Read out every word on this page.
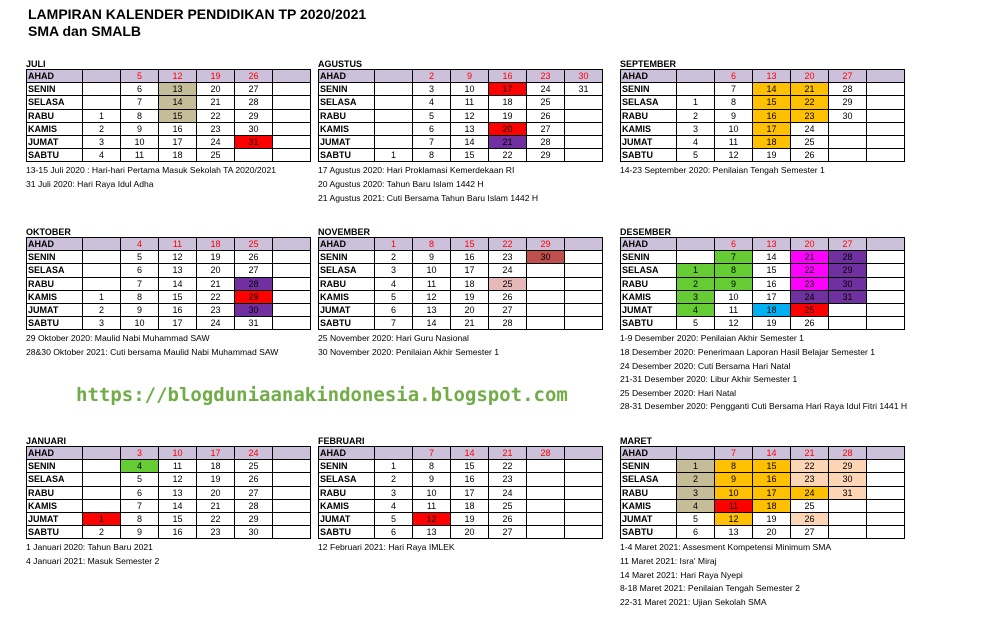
LAMPIRAN KALENDER PENDIDIKAN TP 2020/2021
SMA dan SMALB
JULI
AHAD		5	12	19	26	
SENIN		6	13	20	27	
SELASA		7	14	21	28	
RABU	1	8	15	22	29	
KAMIS	2	9	16	23	30	
JUMAT	3	10	17	24	31	
SABTU	4	11	18	25		
13-15 Juli 2020 : Hari-hari Pertama Masuk Sekolah TA 2020/2021
31 Juli 2020: Hari Raya Idul Adha
AGUSTUS
AHAD		2	9	16	23	30
SENIN		3	10	17	24	31
SELASA		4	11	18	25	
RABU		5	12	19	26	
KAMIS		6	13	20	27	
JUMAT		7	14	21	28	
SABTU	1	8	15	22	29	
17 Agustus 2020: Hari Proklamasi Kemerdekaan RI
20 Agustus 2020: Tahun Baru Islam 1442 H
21 Agustus 2021: Cuti Bersama Tahun Baru Islam 1442 H
SEPTEMBER
AHAD		6	13	20	27	
SENIN		7	14	21	28	
SELASA	1	8	15	22	29	
RABU	2	9	16	23	30	
KAMIS	3	10	17	24		
JUMAT	4	11	18	25		
SABTU	5	12	19	26		
14-23 September 2020: Penilaian Tengah Semester 1
OKTOBER
AHAD		4	11	18	25	
SENIN		5	12	19	26	
SELASA		6	13	20	27	
RABU		7	14	21	28	
KAMIS	1	8	15	22	29	
JUMAT	2	9	16	23	30	
SABTU	3	10	17	24	31	
29 Oktober 2020: Maulid Nabi Muhammad SAW
28&30 Oktober 2021: Cuti bersama Maulid Nabi Muhammad SAW
NOVEMBER
AHAD	1	8	15	22	29	
SENIN	2	9	16	23	30	
SELASA	3	10	17	24		
RABU	4	11	18	25		
KAMIS	5	12	19	26		
JUMAT	6	13	20	27		
SABTU	7	14	21	28		
25 November 2020: Hari Guru Nasional
30 November 2020: Penilaian Akhir Semester 1
DESEMBER
AHAD		6	13	20	27	
SENIN		7	14	21	28	
SELASA	1	8	15	22	29	
RABU	2	9	16	23	30	
KAMIS	3	10	17	24	31	
JUMAT	4	11	18	25		
SABTU	5	12	19	26		
1-9 Desember 2020: Penilaian Akhir Semester 1
18 Desember 2020: Penerimaan Laporan Hasil Belajar Semester 1
24 Desember 2020: Cuti Bersama Hari Natal
21-31 Desember 2020: Libur Akhir Semester 1
25 Desember 2020: Hari Natal
28-31 Desember 2020: Pengganti Cuti Bersama Hari Raya Idul Fitri 1441 H
JANUARI
AHAD		3	10	17	24	
SENIN		4	11	18	25	
SELASA		5	12	19	26	
RABU		6	13	20	27	
KAMIS		7	14	21	28	
JUMAT	1	8	15	22	29	
SABTU	2	9	16	23	30	
1 Januari 2020: Tahun Baru 2021
4 Januari 2021: Masuk Semester 2
FEBRUARI
AHAD		7	14	21	28	
SENIN	1	8	15	22		
SELASA	2	9	16	23		
RABU	3	10	17	24		
KAMIS	4	11	18	25		
JUMAT	5	12	19	26		
SABTU	6	13	20	27		
12 Februari 2021: Hari Raya IMLEK
MARET
AHAD		7	14	21	28	
SENIN	1	8	15	22	29	
SELASA	2	9	16	23	30	
RABU	3	10	17	24	31	
KAMIS	4	11	18	25		
JUMAT	5	12	19	26		
SABTU	6	13	20	27		
1-4 Maret 2021: Assesment Kompetensi Minimum SMA
11 Maret 2021: Isra' Miraj
14 Maret 2021: Hari Raya Nyepi
8-18 Maret 2021: Penilaian Tengah Semester 2
22-31 Maret 2021: Ujian Sekolah SMA
https://blogduniaanakindonesia.blogspot.com
